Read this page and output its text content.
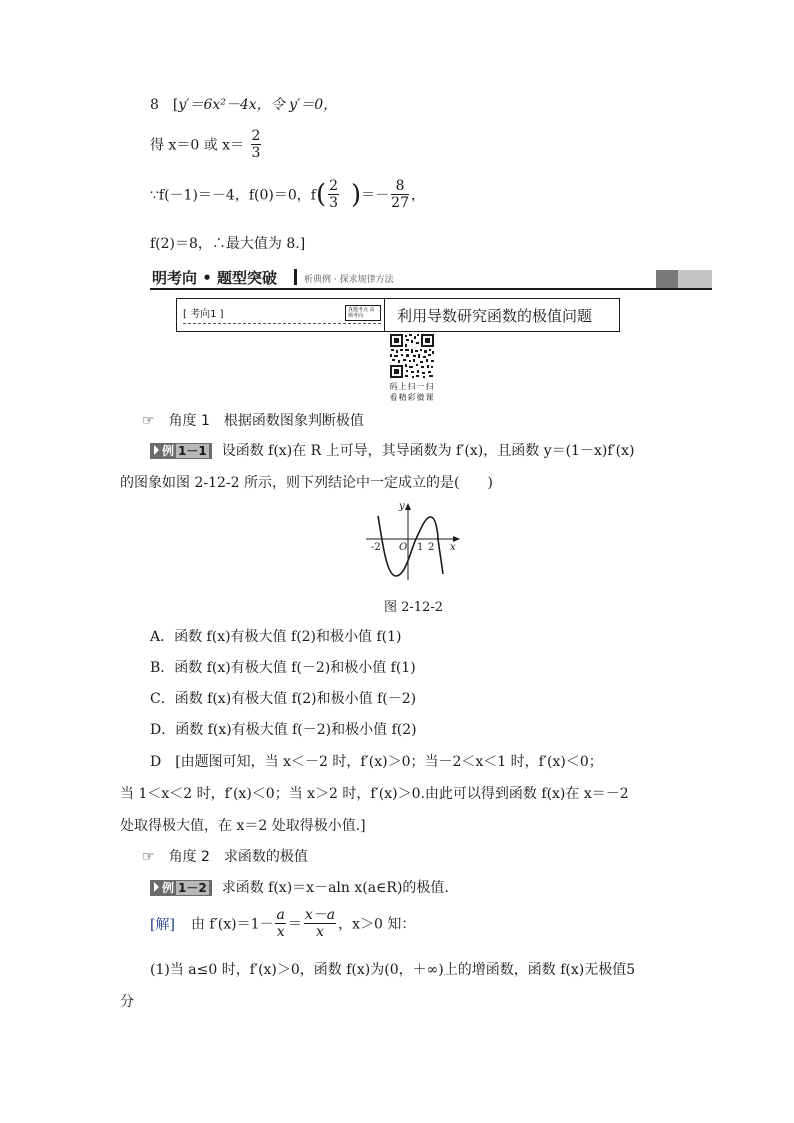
8　[y′＝6x²－4x，令 y′＝0，
得 x＝0 或 $x= \frac{2}{3}$
∵f(－1)＝－4，f(0)＝0，$f( \frac{2}{3}$ )＝－ $\frac{8}{27}$ ，
f(2)＝8，∴最大值为 8.]
明考向 • 题型突破	析典例 · 探求规律方法
[ 考向1 ]	真题考点 高频考向	利用导数研究函数的极值问题
码上扫一扫
看精彩微课
☞ 角度 1　根据函数图象判断极值
例 1－1 设函数 f(x)在 R 上可导，其导函数为 f′(x)，且函数 y＝(1－x)f′(x)
的图象如图 2-12-2 所示，则下列结论中一定成立的是(　　)
y
x
O
-2	1 2
图 2-12-2
A．函数 f(x)有极大值 f(2)和极小值 f(1)
B．函数 f(x)有极大值 f(－2)和极小值 f(1)
C．函数 f(x)有极大值 f(2)和极小值 f(－2)
D．函数 f(x)有极大值 f(－2)和极小值 f(2)
D　[由题图可知，当 x＜－2 时，f′(x)＞0；当－2＜x＜1 时，f′(x)＜0；
当 1＜x＜2 时，f′(x)＜0；当 x＞2 时，f′(x)＞0.由此可以得到函数 f(x)在 x＝－2
处取得极大值，在 x＝2 处取得极小值.]
☞ 角度 2　求函数的极值
例 1－2 求函数 f(x)＝x－aln x(a∈R)的极值.
[解] 由 $f'(x)=1- \frac{a}{x} = \frac{x-a}{x}$ ，x＞0 知：
(1)当 a≤0 时，f′(x)＞0，函数 f(x)为(0，＋∞)上的增函数，函数 f(x)无极值5
分
